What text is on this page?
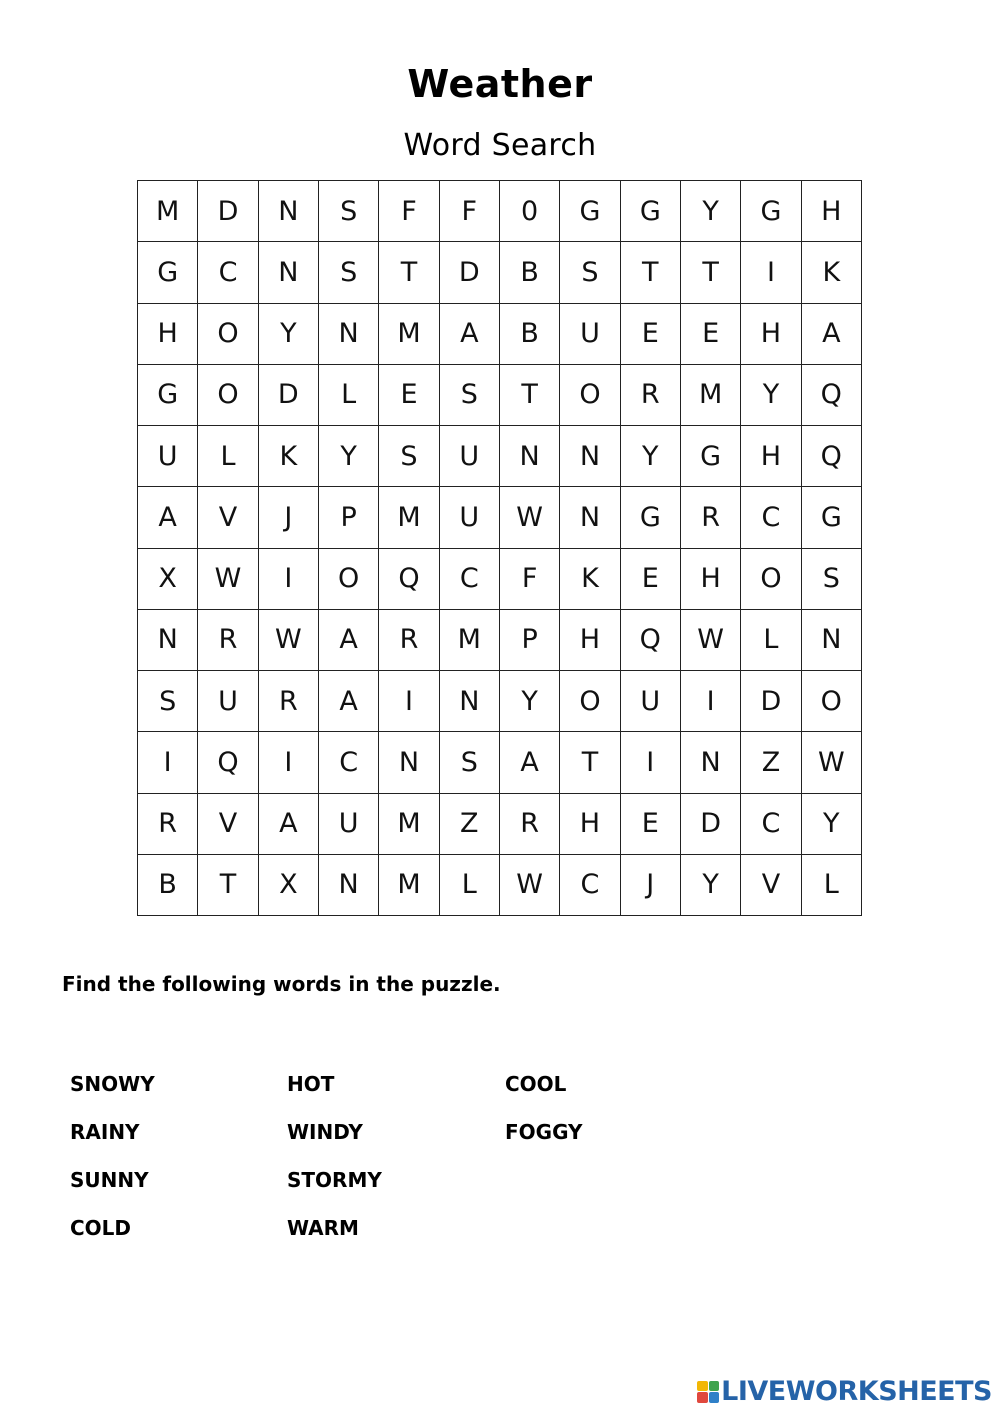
Weather
Word Search
M	D	N	S	F	F	0	G	G	Y	G	H
G	C	N	S	T	D	B	S	T	T	I	K
H	O	Y	N	M	A	B	U	E	E	H	A
G	O	D	L	E	S	T	O	R	M	Y	Q
U	L	K	Y	S	U	N	N	Y	G	H	Q
A	V	J	P	M	U	W	N	G	R	C	G
X	W	I	O	Q	C	F	K	E	H	O	S
N	R	W	A	R	M	P	H	Q	W	L	N
S	U	R	A	I	N	Y	O	U	I	D	O
I	Q	I	C	N	S	A	T	I	N	Z	W
R	V	A	U	M	Z	R	H	E	D	C	Y
B	T	X	N	M	L	W	C	J	Y	V	L
Find the following words in the puzzle.
SNOWY
RAINY
SUNNY
COLD
HOT
WINDY
STORMY
WARM
COOL
FOGGY
LIVEWORKSHEETS
